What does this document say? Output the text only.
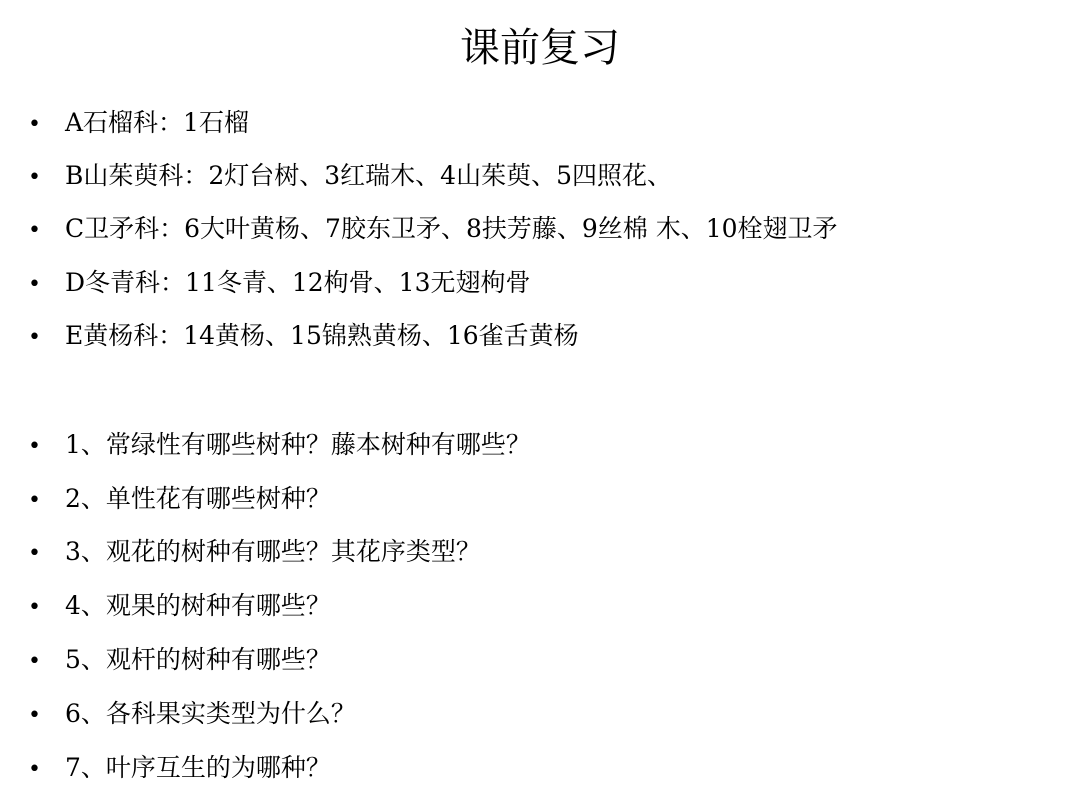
课前复习
• A石榴科：1石榴
• B山茱萸科：2灯台树、3红瑞木、4山茱萸、5四照花、
• C卫矛科：6大叶黄杨、7胶东卫矛、8扶芳藤、9丝棉 木、10栓翅卫矛
• D冬青科：11冬青、12枸骨、13无翅枸骨
• E黄杨科：14黄杨、15锦熟黄杨、16雀舌黄杨
• 1、常绿性有哪些树种？藤本树种有哪些？
• 2、单性花有哪些树种？
• 3、观花的树种有哪些？其花序类型？
• 4、观果的树种有哪些？
• 5、观杆的树种有哪些？
• 6、各科果实类型为什么？
• 7、叶序互生的为哪种？
